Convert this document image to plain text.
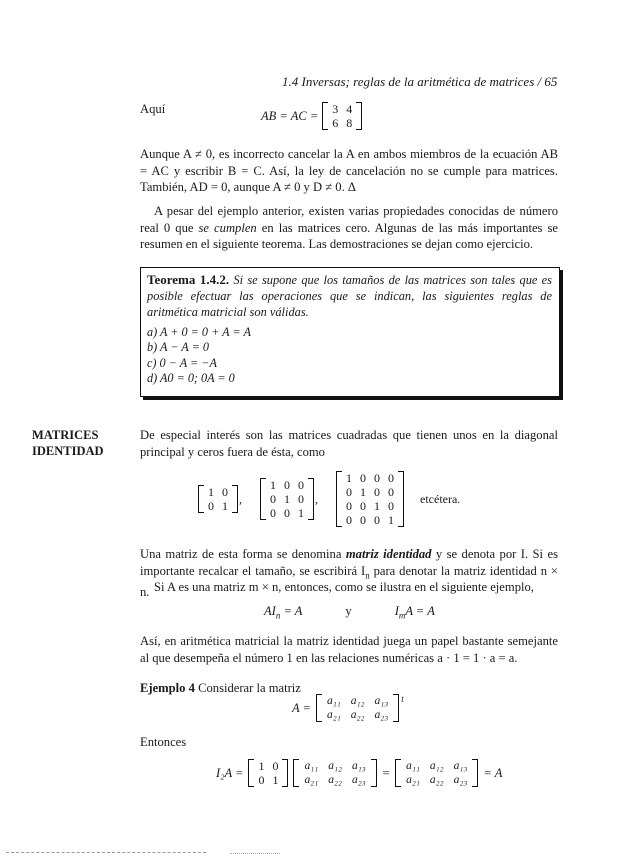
1.4 Inversas; reglas de la aritmética de matrices / 65
Aquí	AB = AC = 3	4
6	8
Aunque A ≠ 0, es incorrecto cancelar la A en ambos miembros de la ecuación AB = AC y escribir B = C. Así, la ley de cancelación no se cumple para matrices. También, AD = 0, aunque A ≠ 0 y D ≠ 0. Δ
A pesar del ejemplo anterior, existen varias propiedades conocidas de número real 0 que se cumplen en las matrices cero. Algunas de las más importantes se resumen en el siguiente teorema. Las demostraciones se dejan como ejercicio.
Teorema 1.4.2. Si se supone que los tamaños de las matrices son tales que es posible efectuar las operaciones que se indican, las siguientes reglas de aritmética matricial son válidas.
a) A + 0 = 0 + A = A
b) A − A = 0
c) 0 − A = −A
d) A0 = 0; 0A = 0
MATRICES
IDENTIDAD
De especial interés son las matrices cuadradas que tienen unos en la diagonal principal y ceros fuera de ésta, como
1	0
0	1
,
1	0	0
0	1	0
0	0	1
,
1	0	0	0
0	1	0	0
0	0	1	0
0	0	0	1
etcétera.
Una matriz de esta forma se denomina matriz identidad y se denota por I. Si es importante recalcar el tamaño, se escribirá $I_n$ para denotar la matriz identidad n × n. Si A es una matriz m × n, entonces, como se ilustra en el siguiente ejemplo,
$AI_n = A$	y	$I_mA = A$
Así, en aritmética matricial la matriz identidad juega un papel bastante semejante al que desempeña el número 1 en las relaciones numéricas a · 1 = 1 · a = a.
Ejemplo 4 Considerar la matriz
A = a₁₁	a₁₂	a₁₃
a₂₁	a₂₂	a₂₃
t
Entonces
I₂A = 1	0
0	1
a₁₁	a₁₂	a₁₃
a₂₁	a₂₂	a₂₃
= a₁₁	a₁₂	a₁₃
a₂₁	a₂₂	a₂₃
= A
